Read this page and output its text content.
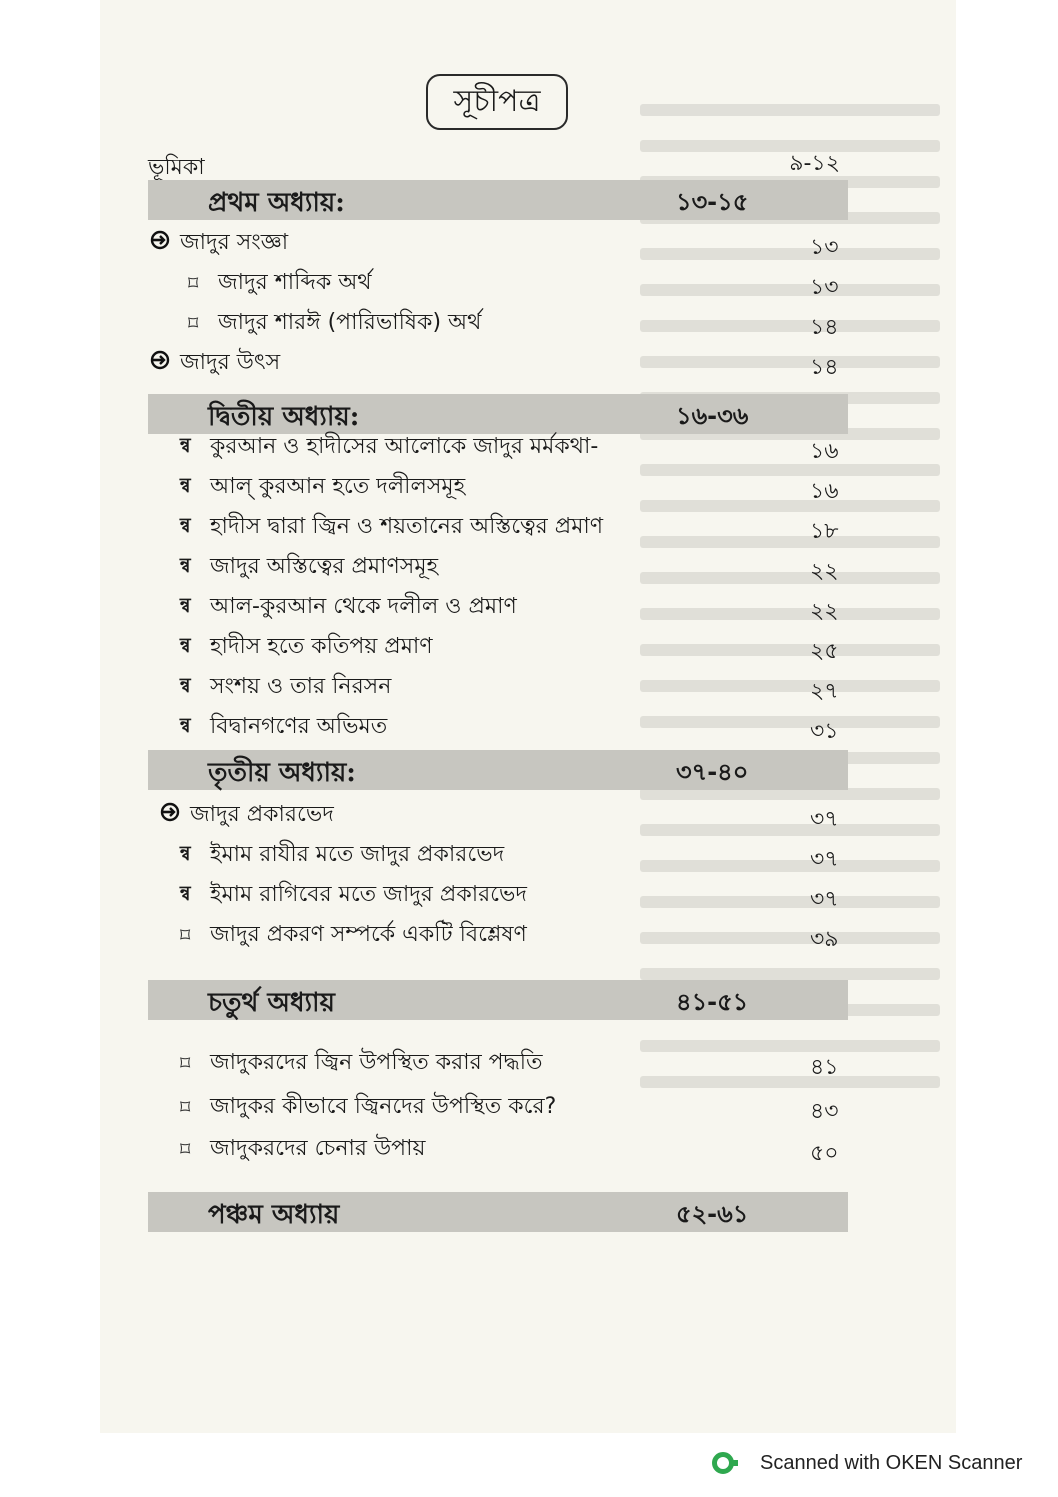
সূচীপত্র
ভূমিকা	৯-১২
প্রথম অধ্যায়:	১৩-১৫
জাদুর সংজ্ঞা	১৩
⌑ জাদুর শাব্দিক অর্থ	১৩
⌑ জাদুর শারঈ (পারিভাষিক) অর্থ	১৪
জাদুর উৎস	১৪
দ্বিতীয় অধ্যায়:	১৬-৩৬
ন্ব কুরআন ও হাদীসের আলোকে জাদুর মর্মকথা-	১৬
ন্ব আল্ কুরআন হতে দলীলসমূহ	১৬
ন্ব হাদীস দ্বারা জ্বিন ও শয়তানের অস্তিত্বের প্রমাণ	১৮
ন্ব জাদুর অস্তিত্বের প্রমাণসমূহ	২২
ন্ব আল-কুরআন থেকে দলীল ও প্রমাণ	২২
ন্ব হাদীস হতে কতিপয় প্রমাণ	২৫
ন্ব সংশয় ও তার নিরসন	২৭
ন্ব বিদ্বানগণের অভিমত	৩১
তৃতীয় অধ্যায়:	৩৭-৪০
জাদুর প্রকারভেদ	৩৭
ন্ব ইমাম রাযীর মতে জাদুর প্রকারভেদ	৩৭
ন্ব ইমাম রাগিবের মতে জাদুর প্রকারভেদ	৩৭
⌑ জাদুর প্রকরণ সম্পর্কে একটি বিশ্লেষণ	৩৯
চতুর্থ অধ্যায়	৪১-৫১
⌑ জাদুকরদের জ্বিন উপস্থিত করার পদ্ধতি	৪১
⌑ জাদুকর কীভাবে জ্বিনদের উপস্থিত করে?	৪৩
⌑ জাদুকরদের চেনার উপায়	৫০
পঞ্চম অধ্যায়	৫২-৬১
Scanned with OKEN Scanner
